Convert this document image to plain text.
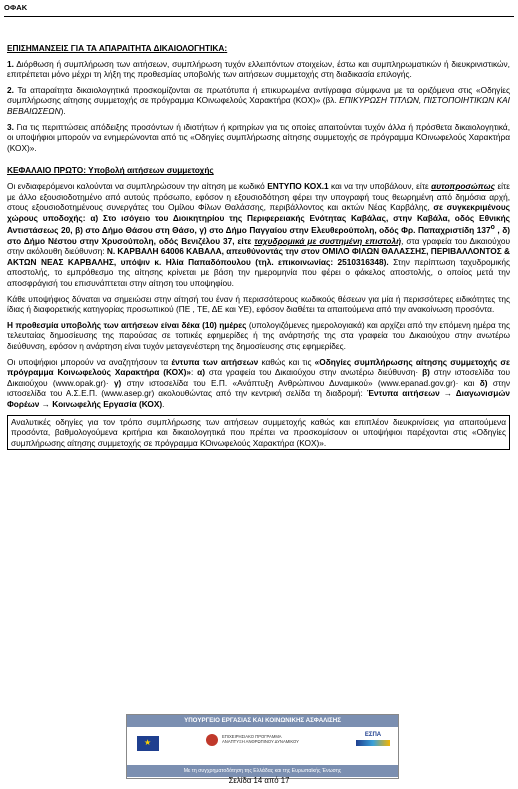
ΟΦΑΚ

ΕΠΙΣΗΜΑΝΣΕΙΣ ΓΙΑ ΤΑ ΑΠΑΡΑΙΤΗΤΑ ΔΙΚΑΙΟΛΟΓΗΤΙΚΑ:

1. Διόρθωση ή συμπλήρωση των αιτήσεων, συμπλήρωση τυχόν ελλειπόντων στοιχείων, έστω και συμπληρωματικών ή διευκρινιστικών, επιτρέπεται μόνο μέχρι τη λήξη της προθεσμίας υποβολής των αιτήσεων συμμετοχής στη διαδικασία επιλογής.

2. Τα απαραίτητα δικαιολογητικά προσκομίζονται σε πρωτότυπα ή επικυρωμένα αντίγραφα σύμφωνα με τα οριζόμενα στις «Οδηγίες συμπλήρωσης αίτησης συμμετοχής σε πρόγραμμα ΚΟινωφελούς Χαρακτήρα (ΚΟΧ)» (βλ. ΕΠΙΚΥΡΩΣΗ ΤΙΤΛΩΝ, ΠΙΣΤΟΠΟΙΗΤΙΚΩΝ ΚΑΙ ΒΕΒΑΙΩΣΕΩΝ).

3. Για τις περιπτώσεις απόδειξης προσόντων ή ιδιοτήτων ή κριτηρίων για τις οποίες απαιτούνται τυχόν άλλα ή πρόσθετα δικαιολογητικά, οι υποψήφιοι μπορούν να ενημερώνονται από τις «Οδηγίες συμπλήρωσης αίτησης συμμετοχής σε πρόγραμμα ΚΟινωφελούς Χαρακτήρα (ΚΟΧ)».

ΚΕΦΑΛΑΙΟ ΠΡΩΤΟ: Υποβολή αιτήσεων συμμετοχής

Οι ενδιαφερόμενοι καλούνται να συμπληρώσουν την αίτηση με κωδικό ΕΝΤΥΠΟ ΚΟΧ.1 και να την υποβάλουν, είτε αυτοπροσώπως είτε με άλλο εξουσιοδοτημένο από αυτούς πρόσωπο, εφόσον η εξουσιοδότηση φέρει την υπογραφή τους θεωρημένη από δημόσια αρχή, στους εξουσιοδοτημένους συνεργάτες του Ομίλου Φίλων Θαλάσσης, περιβάλλοντος και ακτών Νέας Καρβάλης, σε συγκεκριμένους χώρους υποδοχής: α) Στο ισόγειο του Διοικητηρίου της Περιφερειακής Ενότητας Καβάλας, στην Καβάλα, οδός Εθνικής Αντιστάσεως 20, β) στο Δήμο Θάσου στη Θάσο, γ) στο Δήμο Παγγαίου στην Ελευθερούπολη, οδός Φρ. Παπαχριστίδη $137^o$ , δ) στο Δήμο Νέστου στην Χρυσούπολη, οδός Βενιζέλου 37, είτε ταχυδρομικά με συστημένη επιστολή, στα γραφεία του Δικαιούχου στην ακόλουθη διεύθυνση: Ν. ΚΑΡΒΑΛΗ 64006 ΚΑΒΑΛΑ, απευθύνοντάς την στον ΟΜΙΛΟ ΦΙΛΩΝ ΘΑΛΑΣΣΗΣ, ΠΕΡΙΒΑΛΛΟΝΤΟΣ & ΑΚΤΩΝ ΝΕΑΣ ΚΑΡΒΑΛΗΣ, υπόψιν κ. Ηλία Παπαδόπουλου (τηλ. επικοινωνίας: 2510316348). Στην περίπτωση ταχυδρομικής αποστολής, το εμπρόθεσμο της αίτησης κρίνεται με βάση την ημερομηνία που φέρει ο φάκελος αποστολής, ο οποίος μετά την αποσφράγισή του επισυνάπτεται στην αίτηση του υποψηφίου.

Κάθε υποψήφιος δύναται να σημειώσει στην αίτησή του έναν ή περισσότερους κωδικούς θέσεων για μία ή περισσότερες ειδικότητες της ίδιας ή διαφορετικής κατηγορίας προσωπικού (ΠΕ , ΤΕ, ΔΕ και ΥΕ), εφόσον διαθέτει τα απαιτούμενα από την ανακοίνωση προσόντα.

Η προθεσμία υποβολής των αιτήσεων είναι δέκα (10) ημέρες (υπολογιζόμενες ημερολογιακά) και αρχίζει από την επόμενη ημέρα της τελευταίας δημοσίευσης της παρούσας σε τοπικές εφημερίδες ή της ανάρτησής της στα γραφεία του Δικαιούχου στην ανωτέρω διεύθυνση, εφόσον η ανάρτηση είναι τυχόν μεταγενέστερη της δημοσίευσης στις εφημερίδες.

Οι υποψήφιοι μπορούν να αναζητήσουν τα έντυπα των αιτήσεων καθώς και τις «Οδηγίες συμπλήρωσης αίτησης συμμετοχής σε πρόγραμμα Κοινωφελούς Χαρακτήρα (ΚΟΧ)»: α) στα γραφεία του Δικαιούχου στην ανωτέρω διεύθυνση· β) στην ιστοσελίδα του Δικαιούχου (www.opak.gr)· γ) στην ιστοσελίδα του Ε.Π. «Ανάπτυξη Ανθρώπινου Δυναμικού» (www.epanad.gov.gr)· και δ) στην ιστοσελίδα του Α.Σ.Ε.Π. (www.asep.gr) ακολουθώντας από την κεντρική σελίδα τη διαδρομή: Έντυπα αιτήσεων → Διαγωνισμών Φορέων → Κοινωφελής Εργασία (ΚΟΧ).

Αναλυτικές οδηγίες για τον τρόπο συμπλήρωσης των αιτήσεων συμμετοχής καθώς και επιπλέον διευκρινίσεις για απαιτούμενα προσόντα, βαθμολογούμενα κριτήρια και δικαιολογητικά που πρέπει να προσκομίσουν οι υποψήφιοι παρέχονται στις «Οδηγίες συμπλήρωσης αίτησης συμμετοχής σε πρόγραμμα ΚΟινωφελούς Χαρακτήρα (ΚΟΧ)».
ΥΠΟΥΡΓΕΙΟ ΕΡΓΑΣΙΑΣ ΚΑΙ ΚΟΙΝΩΝΙΚΗΣ ΑΣΦΑΛΙΣΗΣ
★
ΕΠΙΧΕΙΡΗΣΙΑΚΟ ΠΡΟΓΡΑΜΜΑ ΑΝΑΠΤΥΞΗ ΑΝΘΡΩΠΙΝΟΥ ΔΥΝΑΜΙΚΟΥ
ΕΣΠΑ
Με τη συγχρηματοδότηση της Ελλάδας και της Ευρωπαϊκής Ένωσης
Σελίδα 14 από 17
